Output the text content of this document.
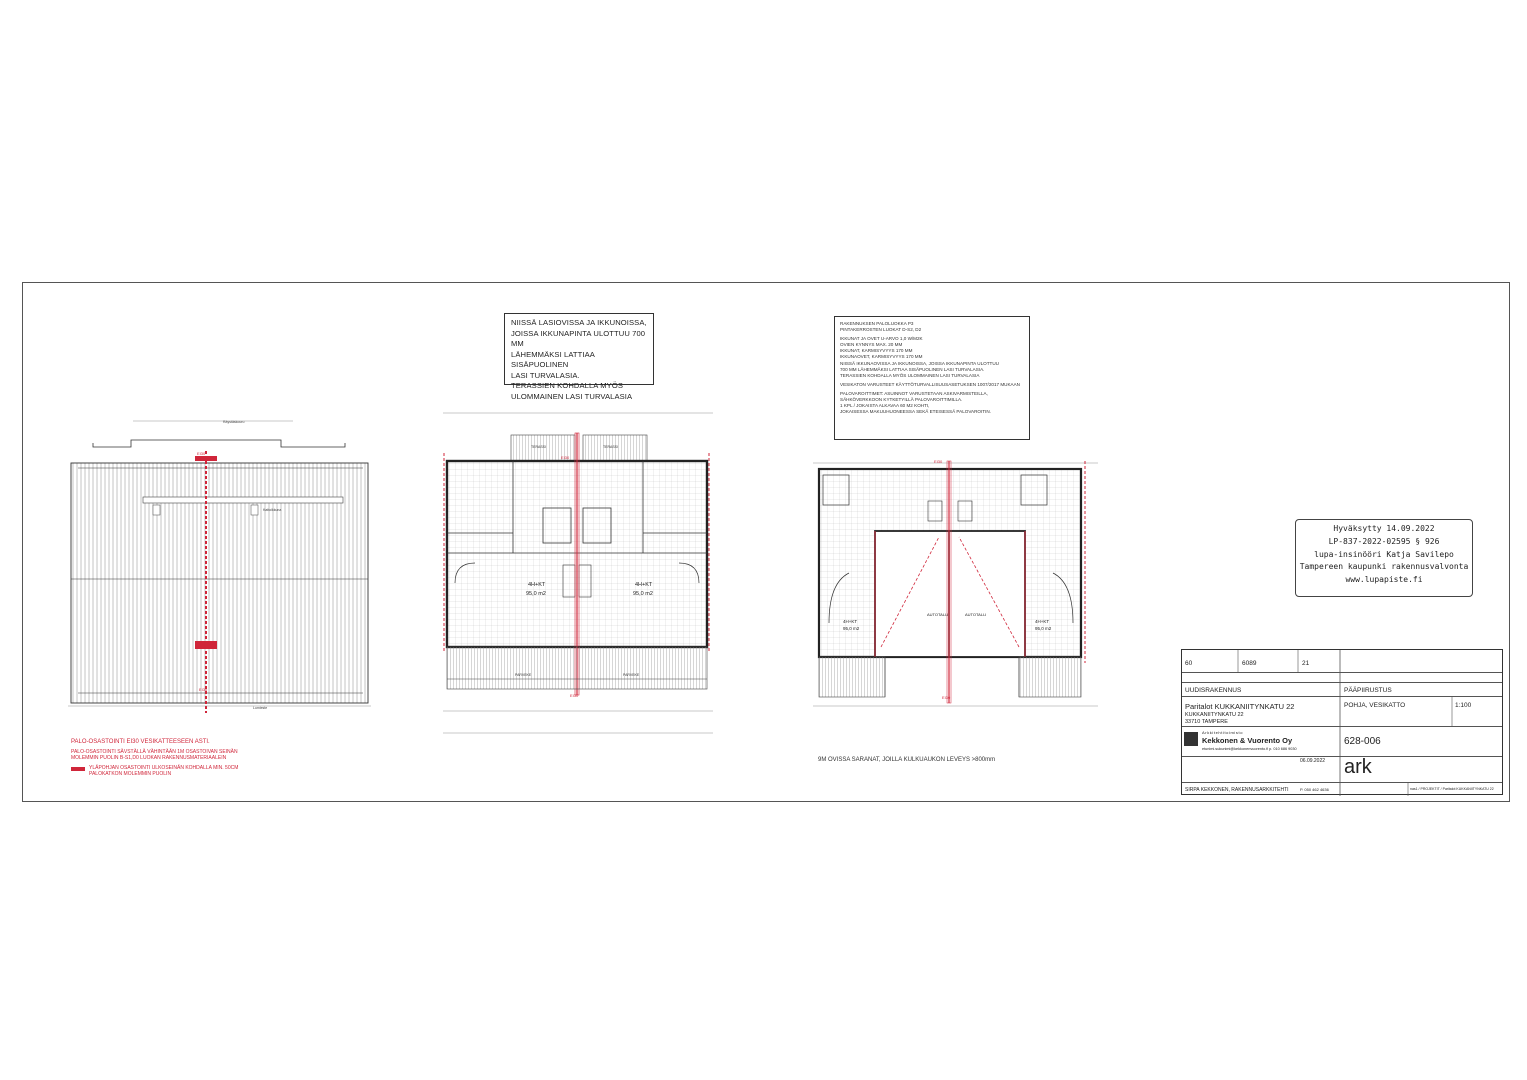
EI30
EI30
Kattoikkuna
Lumieste
Räystäskouru
EI30
EI30
TERASSI	TERASSI
PARVEKE	PARVEKE
4H+KT
95,0 m2
4H+KT
95,0 m2
AUTOTALLI	AUTOTALLI
4H+KT
95,0 m2
4H+KT
95,0 m2
EI30
EI30
NIISSÄ LASIOVISSA JA IKKUNOISSA,
JOISSA IKKUNAPINTA ULOTTUU 700 MM
LÄHEMMÄKSI LATTIAA SISÄPUOLINEN
LASI TURVALASIA.
TERASSIEN KOHDALLA MYÖS
ULOMMAINEN LASI TURVALASIA

RAKENNUKSEN PALOLUOKKA P3
PINTAKERROSTEN LUOKAT D-S2, D2

IKKUNAT JA OVET U-ARVO 1,0 W/M2K
OVIEN KYNNYS MAX. 20 MM
IKKUNAT, KARMISYVYYS 170 MM
IKKUNAOVET, KARMISYVYYS 170 MM
NIISSÄ IKKUNAOVISSA JA IKKUNOISSA, JOISSA IKKUNAPINTA ULOTTUU
700 MM LÄHEMMÄKSI LATTIAA SISÄPUOLINEN LASI TURVALASIA.
TERASSIEN KOHDALLA MYÖS ULOMMAINEN LASI TURVALASIA

VESIKATON VARUSTEET KÄYTTÖTURVALLISUUSASETUKSEN 1007/2017 MUKAAN

PALOVAROITTIMET: ASUINNOT VARUSTETAAN ASKIVARMISTEILLA,
SÄHKÖVERKKOON KYTKETYILLÄ PALOVAROITTIMILLA.
1 KPL / JOKAISTA ALKAVAA 60 M2 KOHTI,
JOKAISESSA MAKUUHUONEESSA SEKÄ ETEISESSÄ PALOVAROITIN.

Hyväksytty 14.09.2022
LP-837-2022-02595 § 926
lupa-insinööri Katja Savilepo
Tampereen kaupunki rakennusvalvonta
www.lupapiste.fi
PALO-OSASTOINTI EI30 VESIKATTEESEEN ASTI.
PALO-OSASTOINTI SÄVSTÄLLÄ VÄHINTÄÄN 1M OSASTOIVAN SEINÄN
MOLEMMIN PUOLIN B-S1,D0 LUOKAN RAKENNUSMATERIAALEIN
YLÄPOHJAN OSASTOINTI ULKOSEINÄN KOHDALLA MIN. 50CM
PALOKATKON MOLEMMIN PUOLIN
9M OVISSA SARANAT, JOILLA KULKUAUKON LEVEYS >800mm
60	6089	21
UUDISRAKENNUS	PÄÄPIIRUSTUS
Paritalot KUKKANIITYNKATU 22
KUKKANIITYNKATU 22
33710 TAMPERE
POHJA, VESIKATTO	1:100
Arkkitehtitoimisto
Kekkonen & Vuorento Oy
etunimi.sukunimi@kekkonenvuorento.fi p. 010 686 9030
628-006
06.09.2022 ark
SIRPA KEKKONEN, RAKENNUSARKKITEHTI	P. 050 462 4636	nas1 / PROJEKTIT / Paritalot KUKKANIITYNKATU 22
